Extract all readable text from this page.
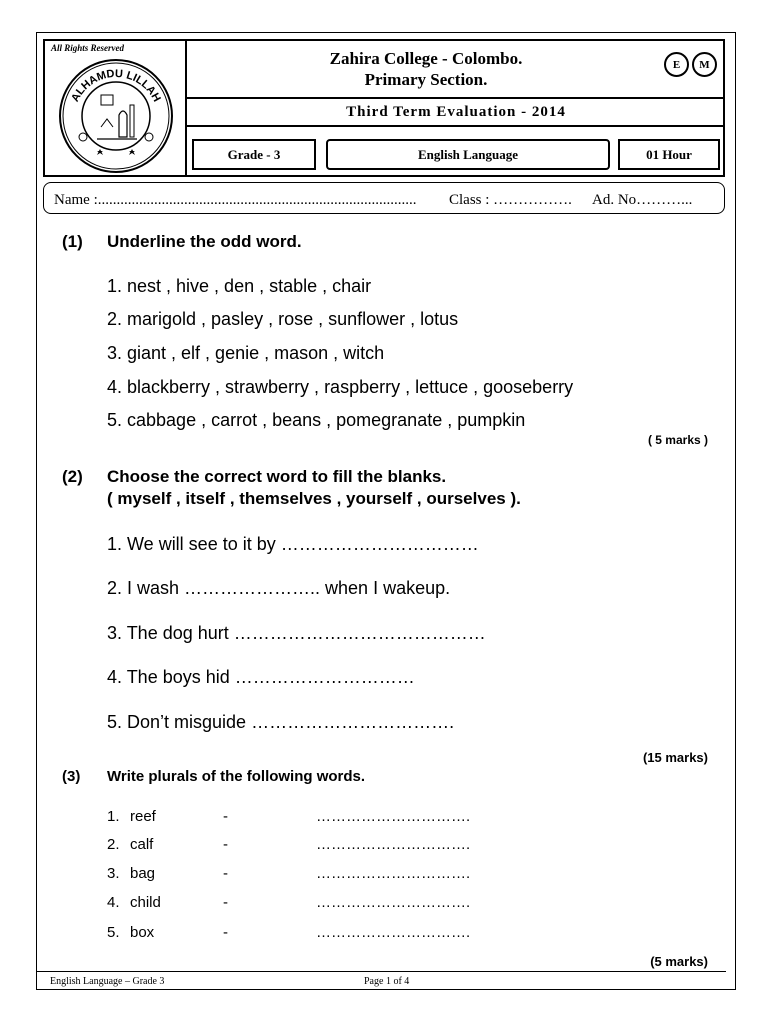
All Rights Reserved
ALHAMDU LILLAH
Zahira College - Colombo.
Primary Section.
E	M
Third Term Evaluation - 2014
Grade - 3	English Language	01 Hour
Name :..................................................................................... Class : ……………. Ad. No………...
(1) Underline the odd word.
1. nest , hive , den , stable , chair
2. marigold , pasley , rose , sunflower , lotus
3. giant , elf , genie , mason , witch
4. blackberry , strawberry , raspberry , lettuce , gooseberry
5. cabbage , carrot , beans , pomegranate , pumpkin
( 5 marks )
(2) Choose the correct word to fill the blanks.
( myself , itself , themselves , yourself , ourselves ).
1. We will see to it by ……………………………
2. I wash ………………….. when I wakeup.
3. The dog hurt ……………………………………
4. The boys hid …………………………
5. Don’t misguide …………………………….
(15 marks)
(3) Write plurals of the following words.
1. reef	-	………………………….
2. calf	-	………………………….
3. bag	-	………………………….
4. child	-	………………………….
5. box	-	………………………….
(5 marks)
English Language – Grade 3	Page 1 of 4
